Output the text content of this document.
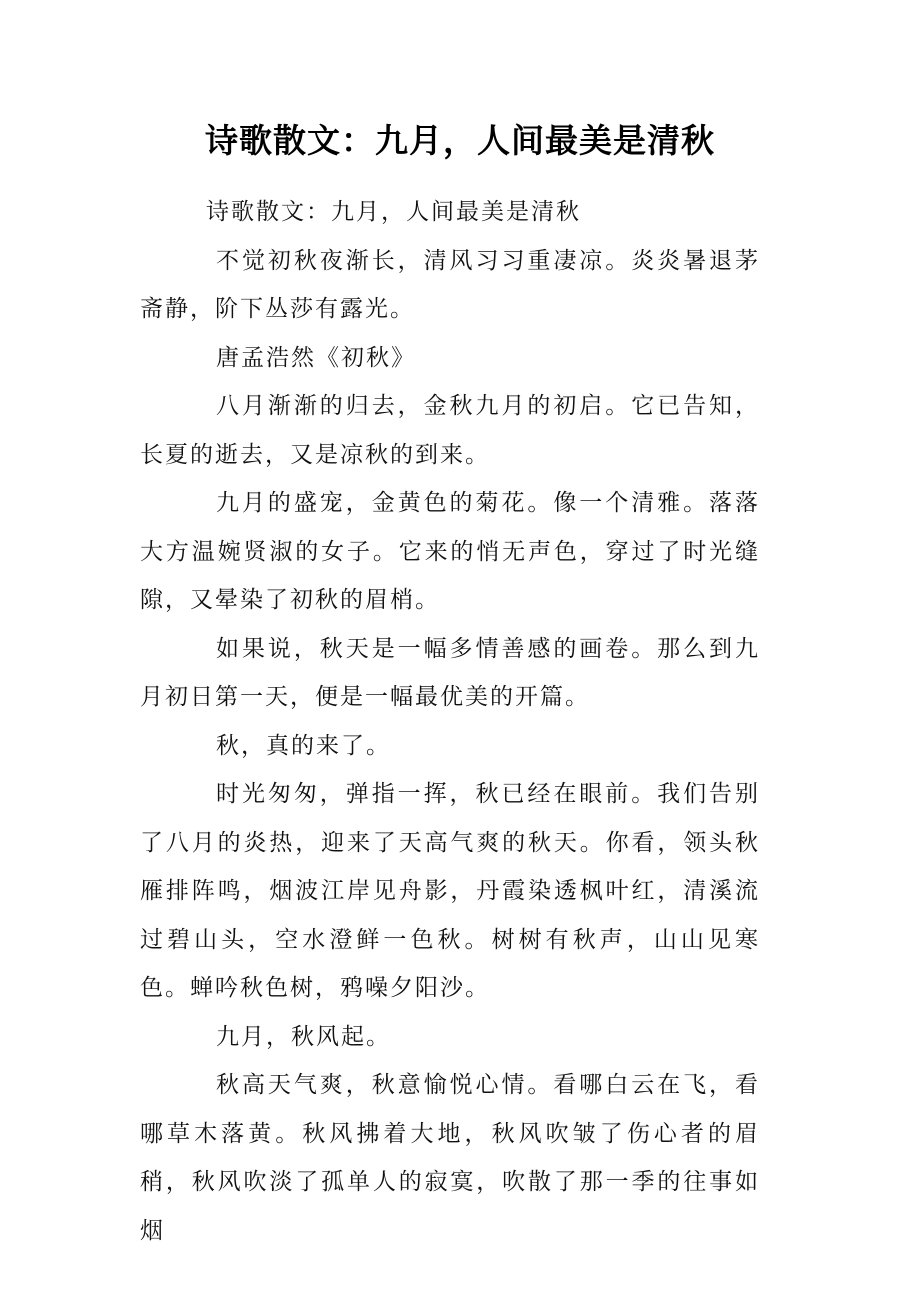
诗歌散文：九月，人间最美是清秋

诗歌散文：九月，人间最美是清秋

不觉初秋夜渐长，清风习习重凄凉。炎炎暑退茅斋静，阶下丛莎有露光。

唐孟浩然《初秋》

八月渐渐的归去，金秋九月的初启。它已告知，长夏的逝去，又是凉秋的到来。

九月的盛宠，金黄色的菊花。像一个清雅。落落大方温婉贤淑的女子。它来的悄无声色，穿过了时光缝隙，又晕染了初秋的眉梢。

如果说，秋天是一幅多情善感的画卷。那么到九月初日第一天，便是一幅最优美的开篇。

秋，真的来了。

时光匆匆，弹指一挥，秋已经在眼前。我们告别了八月的炎热，迎来了天高气爽的秋天。你看，领头秋雁排阵鸣，烟波江岸见舟影，丹霞染透枫叶红，清溪流过碧山头，空水澄鲜一色秋。树树有秋声，山山见寒色。蝉吟秋色树，鸦噪夕阳沙。

九月，秋风起。

秋高天气爽，秋意愉悦心情。看哪白云在飞，看哪草木落黄。秋风拂着大地，秋风吹皱了伤心者的眉稍，秋风吹淡了孤单人的寂寞，吹散了那一季的往事如烟
